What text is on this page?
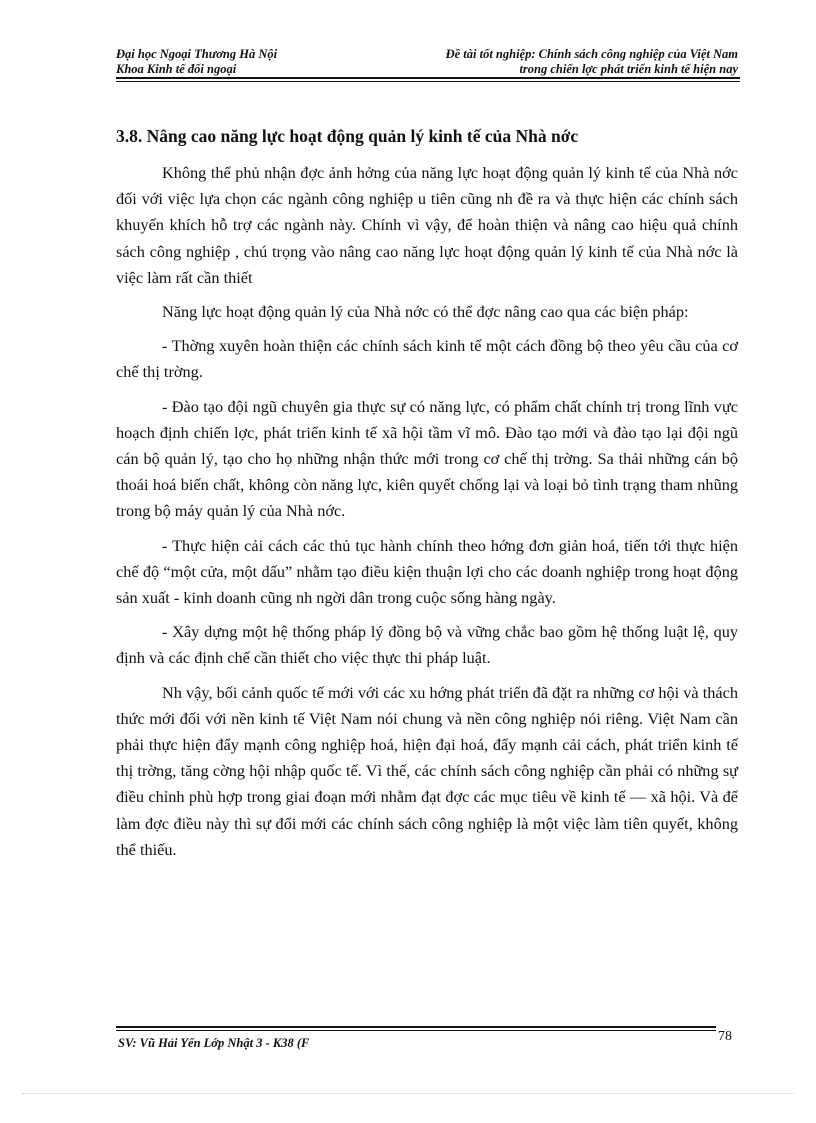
Đại học Ngoại Thương Hà Nội
Khoa Kinh tế đối ngoại
Đề tài tốt nghiệp: Chính sách công nghiệp của Việt Nam
trong chiến lợc phát triển kinh tế hiện nay
3.8. Nâng cao năng lực hoạt động quản lý kinh tế của Nhà nớc

Không thể phủ nhận đợc ảnh hởng của năng lực hoạt động quản lý kinh tế của Nhà nớc đối với việc lựa chọn các ngành công nghiệp u tiên cũng nh đề ra và thực hiện các chính sách khuyến khích hỗ trợ các ngành này. Chính vì vậy, để hoàn thiện và nâng cao hiệu quả chính sách công nghiệp , chú trọng vào nâng cao năng lực hoạt động quản lý kinh tế của Nhà nớc là việc làm rất cần thiết

Năng lực hoạt động quản lý của Nhà nớc có thể đợc nâng cao qua các biện pháp:

- Thờng xuyên hoàn thiện các chính sách kinh tế một cách đồng bộ theo yêu cầu của cơ chế thị trờng.

- Đào tạo đội ngũ chuyên gia thực sự có năng lực, có phẩm chất chính trị trong lĩnh vực hoạch định chiến lợc, phát triển kinh tế xã hội tầm vĩ mô. Đào tạo mới và đào tạo lại đội ngũ cán bộ quản lý, tạo cho họ những nhận thức mới trong cơ chế thị trờng. Sa thải những cán bộ thoái hoá biến chất, không còn năng lực, kiên quyết chống lại và loại bỏ tình trạng tham nhũng trong bộ máy quản lý của Nhà nớc.

- Thực hiện cải cách các thủ tục hành chính theo hớng đơn giản hoá, tiến tới thực hiện chế độ “một cửa, một dấu” nhằm tạo điều kiện thuận lợi cho các doanh nghiệp trong hoạt động sản xuất - kinh doanh cũng nh ngời dân trong cuộc sống hàng ngày.

- Xây dựng một hệ thống pháp lý đồng bộ và vững chắc bao gồm hệ thống luật lệ, quy định và các định chế cần thiết cho việc thực thi pháp luật.

Nh vậy, bối cảnh quốc tế mới với các xu hớng phát triển đã đặt ra những cơ hội và thách thức mới đối với nền kinh tế Việt Nam nói chung và nền công nghiệp nói riêng. Việt Nam cần phải thực hiện đẩy mạnh công nghiệp hoá, hiện đại hoá, đẩy mạnh cải cách, phát triển kinh tế thị trờng, tăng cờng hội nhập quốc tế. Vì thế, các chính sách công nghiệp cần phải có những sự điều chỉnh phù hợp trong giai đoạn mới nhằm đạt đợc các mục tiêu về kinh tế — xã hội. Và để làm đợc điều này thì sự đổi mới các chính sách công nghiệp là một việc làm tiên quyết, không thể thiếu.

SV: Vũ Hải Yến Lớp Nhật 3 - K38 (F	78
